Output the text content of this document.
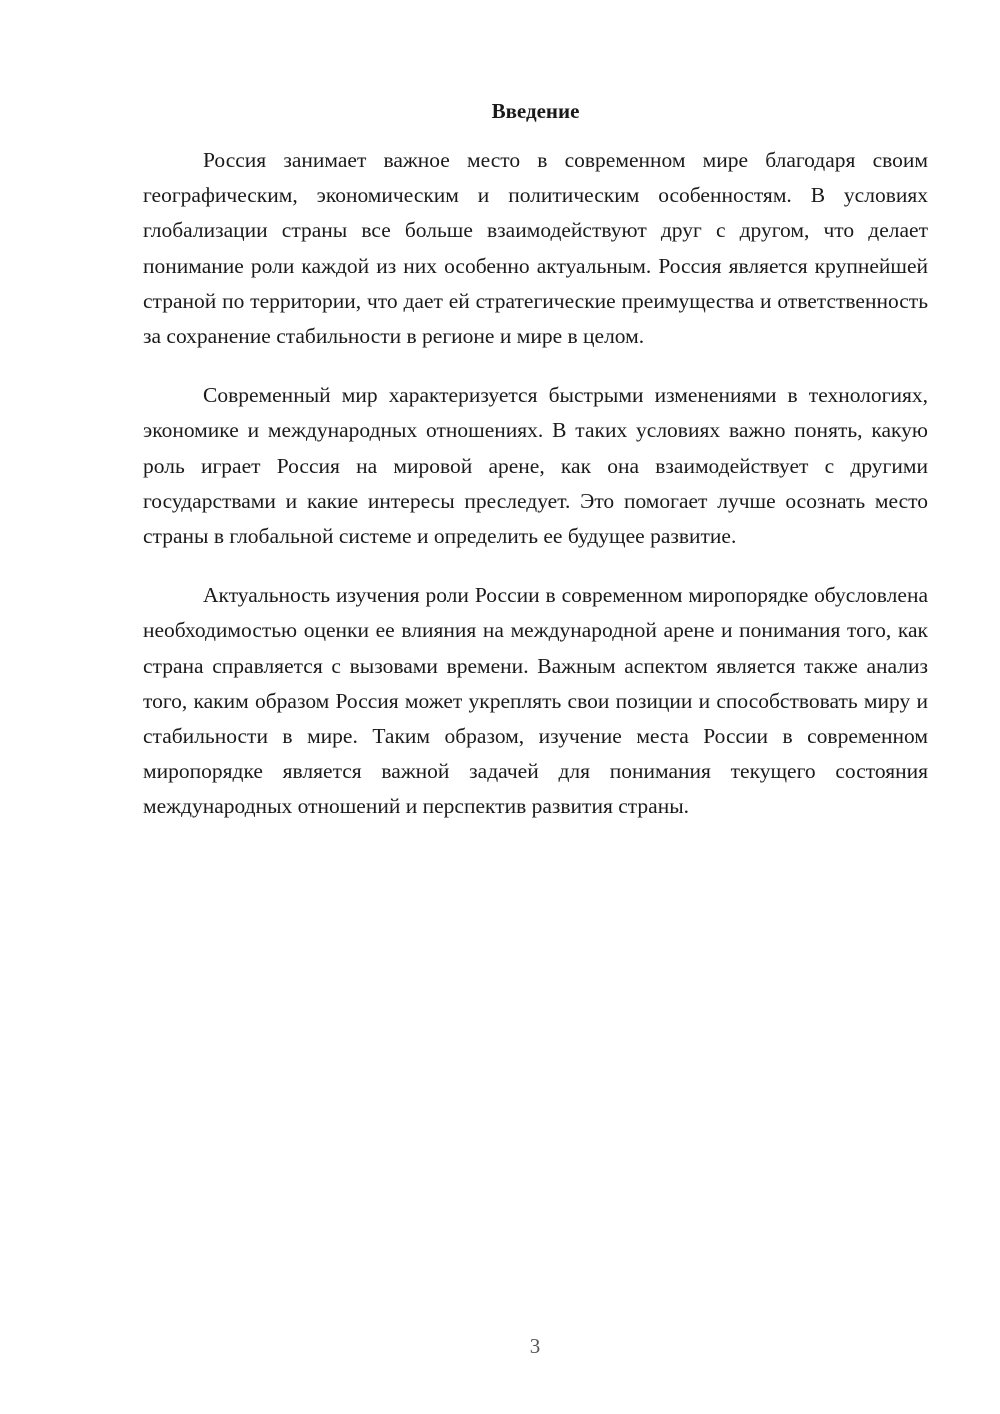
Введение

Россия занимает важное место в современном мире благодаря своим географическим, экономическим и политическим особенностям. В условиях глобализации страны все больше взаимодействуют друг с другом, что делает понимание роли каждой из них особенно актуальным. Россия является крупнейшей страной по территории, что дает ей стратегические преимущества и ответственность за сохранение стабильности в регионе и мире в целом.

Современный мир характеризуется быстрыми изменениями в технологиях, экономике и международных отношениях. В таких условиях важно понять, какую роль играет Россия на мировой арене, как она взаимодействует с другими государствами и какие интересы преследует. Это помогает лучше осознать место страны в глобальной системе и определить ее будущее развитие.

Актуальность изучения роли России в современном миропорядке обусловлена необходимостью оценки ее влияния на международной арене и понимания того, как страна справляется с вызовами времени. Важным аспектом является также анализ того, каким образом Россия может укреплять свои позиции и способствовать миру и стабильности в мире. Таким образом, изучение места России в современном миропорядке является важной задачей для понимания текущего состояния международных отношений и перспектив развития страны.

3
